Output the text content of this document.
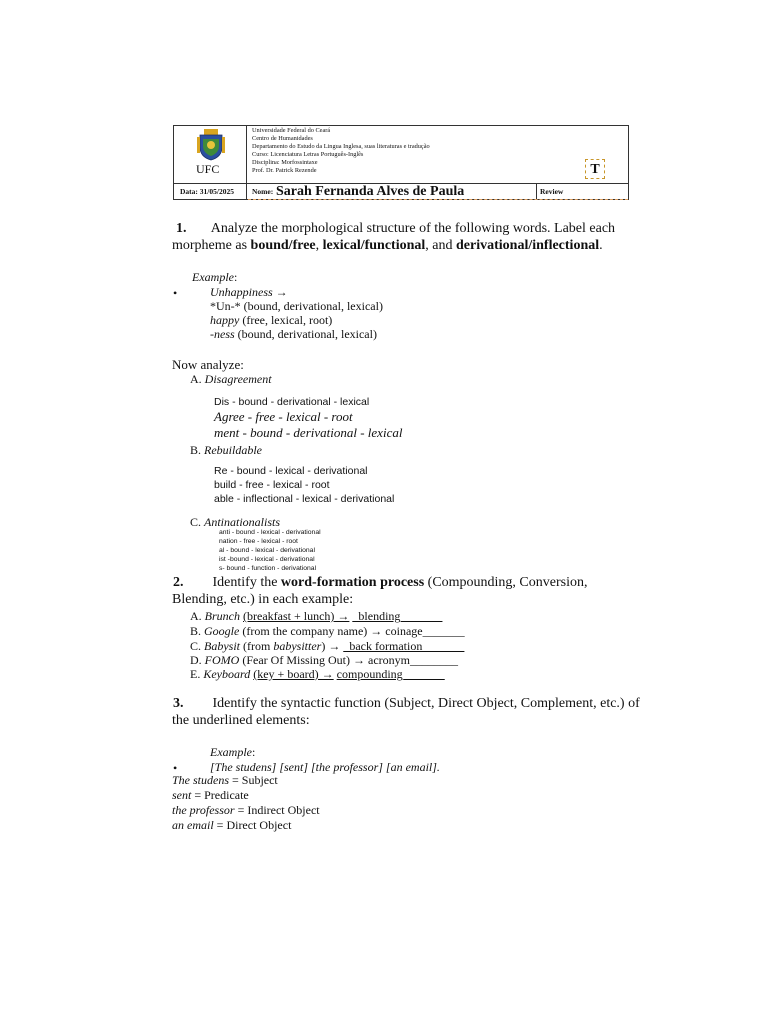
UFC
Universidade Federal do Ceará
Centro de Humanidades
Departamento do Estudo da Lingua Inglesa, suas literaturas e tradução
Curso: Licenciatura Letras Português-Inglês
Disciplina: Morfossintaxe
Prof. Dr. Patrick Rezende	T
Data: 31/05/2025 Nome: Sarah Fernanda Alves de Paula	Review
1. Analyze the morphological structure of the following words. Label each
morpheme as bound/free, lexical/functional, and derivational/inflectional.
Example:
•	Unhappiness →
*Un-* (bound, derivational, lexical)
happy (free, lexical, root)
-ness (bound, derivational, lexical)
Now analyze:
A. Disagreement
Dis - bound - derivational - lexical
Agree - free - lexical - root
ment - bound - derivational - lexical
B. Rebuildable
Re - bound - lexical - derivational
build - free - lexical - root
able - inflectional - lexical - derivational
C. Antinationalists
anti - bound - lexical - derivational
nation - free - lexical - root
al - bound - lexical - derivational
ist -bound - lexical - derivational
s- bound - function - derivational
2. Identify the word-formation process (Compounding, Conversion,
Blending, etc.) in each example:
A. Brunch (breakfast + lunch) → _blending_______
B. Google (from the company name) → coinage_______
C. Babysit (from babysitter) → _back formation_______
D. FOMO (Fear Of Missing Out) → acronym________
E. Keyboard (key + board) → compounding_______
3. Identify the syntactic function (Subject, Direct Object, Complement, etc.) of
the underlined elements:
Example:
•	[The studens] [sent] [the professor] [an email].
The studens = Subject
sent = Predicate
the professor = Indirect Object
an email = Direct Object
